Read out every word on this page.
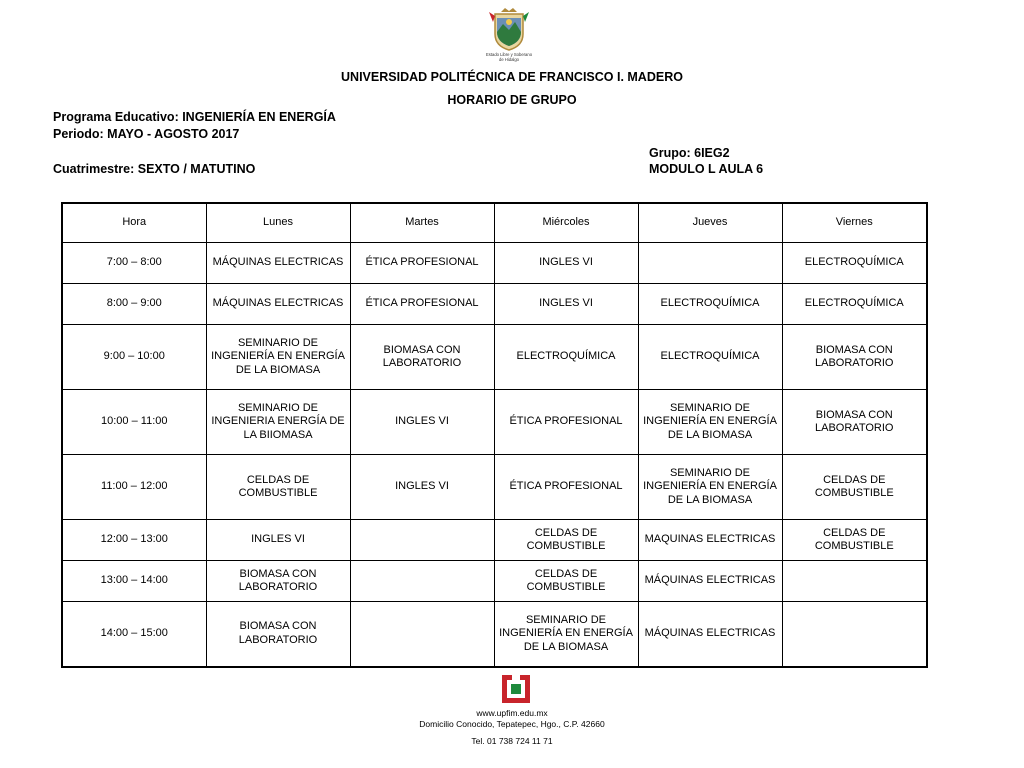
Estado Libre y Soberano
de Hidalgo
UNIVERSIDAD POLITÉCNICA DE FRANCISCO I. MADERO
HORARIO DE GRUPO
Programa Educativo: INGENIERÍA EN ENERGÍA
Periodo: MAYO - AGOSTO 2017
Grupo: 6IEG2
Cuatrimestre: SEXTO / MATUTINO	MODULO L AULA 6
Hora	Lunes	Martes	Miércoles	Jueves	Viernes
7:00 – 8:00	MÁQUINAS ELECTRICAS	ÉTICA PROFESIONAL	INGLES VI		ELECTROQUÍMICA
8:00 – 9:00	MÁQUINAS ELECTRICAS	ÉTICA PROFESIONAL	INGLES VI	ELECTROQUÍMICA	ELECTROQUÍMICA
9:00 – 10:00	SEMINARIO DE INGENIERÍA EN ENERGÍA DE LA BIOMASA	BIOMASA CON LABORATORIO	ELECTROQUÍMICA	ELECTROQUÍMICA	BIOMASA CON LABORATORIO
10:00 – 11:00	SEMINARIO DE INGENIERIA ENERGÍA DE LA BIIOMASA	INGLES VI	ÉTICA PROFESIONAL	SEMINARIO DE INGENIERÍA EN ENERGÍA DE LA BIOMASA	BIOMASA CON LABORATORIO
11:00 – 12:00	CELDAS DE COMBUSTIBLE	INGLES VI	ÉTICA PROFESIONAL	SEMINARIO DE INGENIERÍA EN ENERGÍA DE LA BIOMASA	CELDAS DE COMBUSTIBLE
12:00 – 13:00	INGLES VI		CELDAS DE COMBUSTIBLE	MAQUINAS ELECTRICAS	CELDAS DE COMBUSTIBLE
13:00 – 14:00	BIOMASA CON LABORATORIO		CELDAS DE COMBUSTIBLE	MÁQUINAS ELECTRICAS	
14:00 – 15:00	BIOMASA CON LABORATORIO		SEMINARIO DE INGENIERÍA EN ENERGÍA DE LA BIOMASA	MÁQUINAS ELECTRICAS	
www.upfim.edu.mx
Domicilio Conocido, Tepatepec, Hgo., C.P. 42660
Tel. 01 738 724 11 71
